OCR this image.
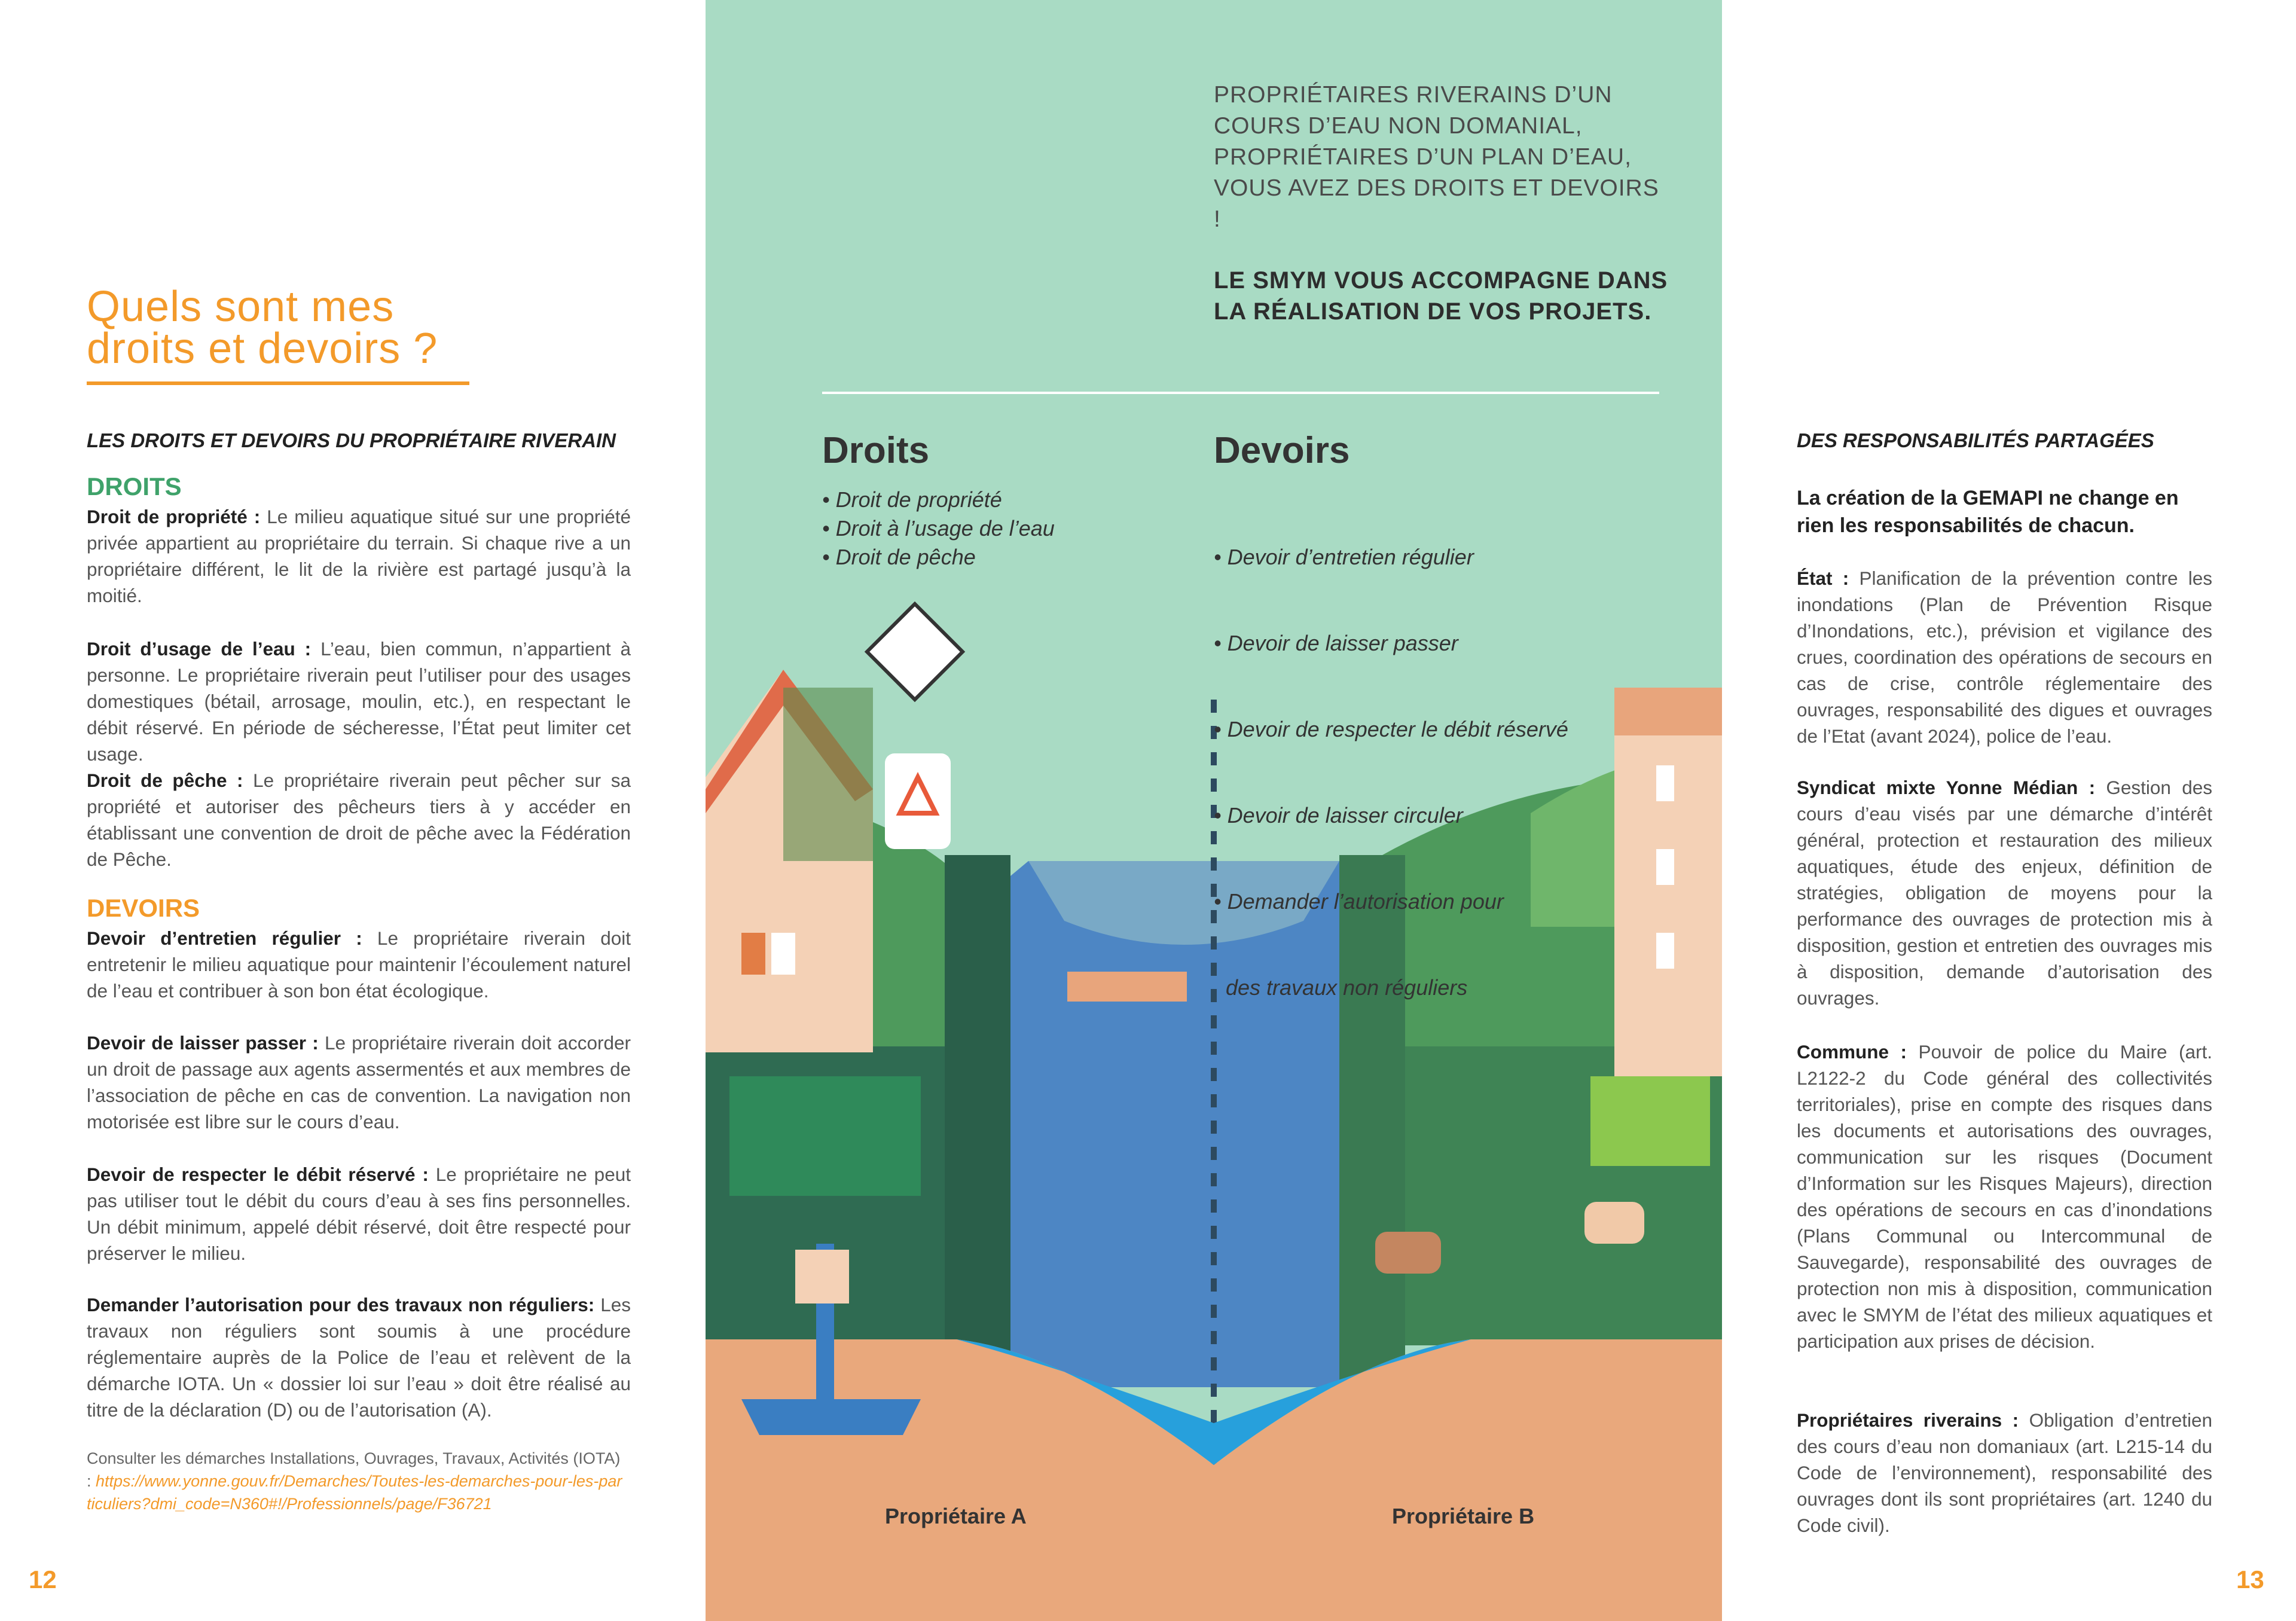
Quels sont mes
droits et devoirs ?
LES DROITS ET DEVOIRS DU PROPRIÉTAIRE RIVERAIN
DROITS
Droit de propriété : Le milieu aquatique situé sur une propriété privée appartient au propriétaire du terrain. Si chaque rive a un propriétaire différent, le lit de la rivière est partagé jusqu’à la moitié.
Droit d’usage de l’eau : L’eau, bien commun, n’appartient à personne. Le propriétaire riverain peut l’utiliser pour des usages domestiques (bétail, arrosage, moulin, etc.), en respectant le débit réservé. En période de sécheresse, l’État peut limiter cet usage.
Droit de pêche : Le propriétaire riverain peut pêcher sur sa propriété et autoriser des pêcheurs tiers à y accéder en établissant une convention de droit de pêche avec la Fédération de Pêche.
DEVOIRS
Devoir d’entretien régulier : Le propriétaire riverain doit entretenir le milieu aquatique pour maintenir l’écoulement naturel de l’eau et contribuer à son bon état écologique.
Devoir de laisser passer : Le propriétaire riverain doit accorder un droit de passage aux agents assermentés et aux membres de l’association de pêche en cas de convention. La navigation non motorisée est libre sur le cours d’eau.
Devoir de respecter le débit réservé : Le propriétaire ne peut pas utiliser tout le débit du cours d’eau à ses fins personnelles. Un débit minimum, appelé débit réservé, doit être respecté pour préserver le milieu.
Demander l’autorisation pour des travaux non réguliers: Les travaux non réguliers sont soumis à une procédure réglementaire auprès de la Police de l’eau et relèvent de la démarche IOTA. Un « dossier loi sur l’eau » doit être réalisé au titre de la déclaration (D) ou de l’autorisation (A).
Consulter les démarches Installations, Ouvrages, Travaux, Activités (IOTA) : https://www.yonne.gouv.fr/Demarches/Toutes-les-demarches-pour-les-particuliers?dmi_code=N360#!/Professionnels/page/F36721
12
Droits
• Droit de propriété
• Droit à l’usage de l’eau
• Droit de pêche
Devoirs

• Devoir d’entretien régulier

• Devoir de laisser passer

• Devoir de respecter le débit réservé

• Devoir de laisser circuler

• Demander l’autorisation pour

des travaux non réguliers

Propriétaire A	Propriétaire B
PROPRIÉTAIRES RIVERAINS D’UN COURS D’EAU NON DOMANIAL, PROPRIÉTAIRES D’UN PLAN D’EAU, VOUS AVEZ DES DROITS ET DEVOIRS !
LE SMYM VOUS ACCOMPAGNE DANS LA RÉALISATION DE VOS PROJETS.
DES RESPONSABILITÉS PARTAGÉES
La création de la GEMAPI ne change en rien les responsabilités de chacun.
État : Planification de la prévention contre les inondations (Plan de Prévention Risque d’Inondations, etc.), prévision et vigilance des crues, coordination des opérations de secours en cas de crise, contrôle réglementaire des ouvrages, responsabilité des digues et ouvrages de l’Etat (avant 2024), police de l’eau.
Syndicat mixte Yonne Médian : Gestion des cours d’eau visés par une démarche d’intérêt général, protection et restauration des milieux aquatiques, étude des enjeux, définition de stratégies, obligation de moyens pour la performance des ouvrages de protection mis à disposition, gestion et entretien des ouvrages mis à disposition, demande d’autorisation des ouvrages.
Commune : Pouvoir de police du Maire (art. L2122-2 du Code général des collectivités territoriales), prise en compte des risques dans les documents et autorisations des ouvrages, communication sur les risques (Document d’Information sur les Risques Majeurs), direction des opérations de secours en cas d’inondations (Plans Communal ou Intercommunal de Sauvegarde), responsabilité des ouvrages de protection non mis à disposition, communication avec le SMYM de l’état des milieux aquatiques et participation aux prises de décision.
Propriétaires riverains : Obligation d’entretien des cours d’eau non domaniaux (art. L215-14 du Code de l’environnement), responsabilité des ouvrages dont ils sont propriétaires (art. 1240 du Code civil).
13
